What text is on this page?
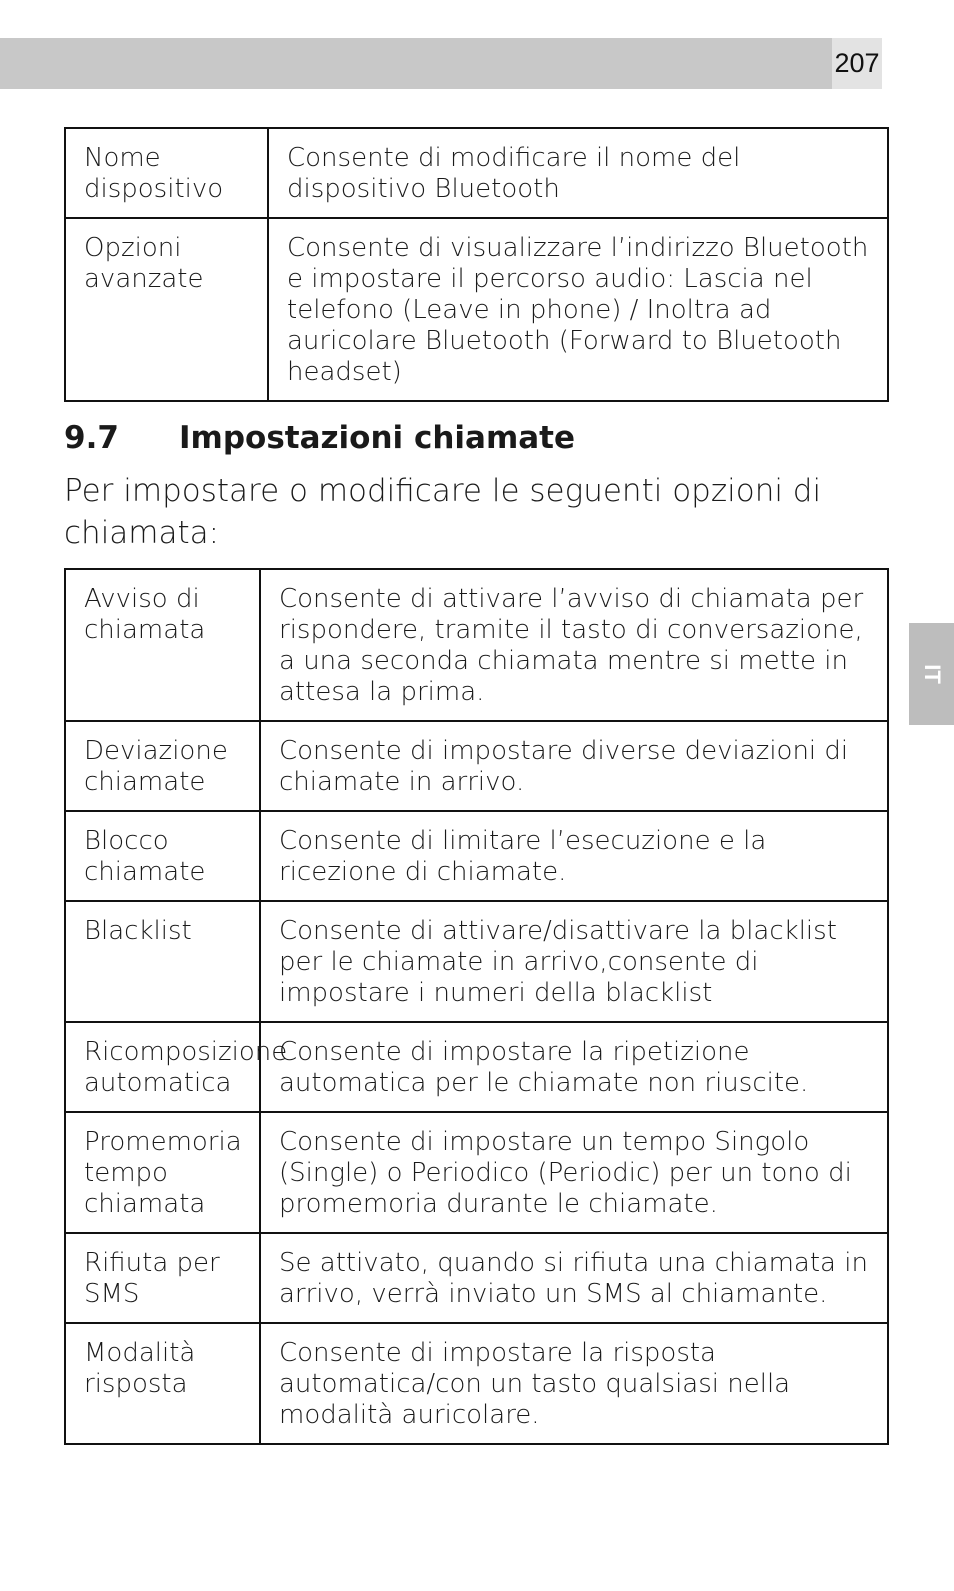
207
IT
Nome dispositivo	Consente di modificare il nome del dispositivo Bluetooth
Opzioni avanzate	Consente di visualizzare l’indirizzo Bluetooth e impostare il percorso audio: Lascia nel telefono (Leave in phone) / Inoltra ad auricolare Bluetooth (Forward to Bluetooth headset)
9.7 Impostazioni chiamate

Per impostare o modificare le seguenti opzioni di chiamata:

Avviso di chiamata	Consente di attivare l’avviso di chiamata per rispondere, tramite il tasto di conversazione, a una seconda chiamata mentre si mette in attesa la prima.
Deviazione chiamate	Consente di impostare diverse deviazioni di chiamate in arrivo.
Blocco chiamate	Consente di limitare l’esecuzione e la ricezione di chiamate.
Blacklist	Consente di attivare/disattivare la blacklist per le chiamate in arrivo,consente di impostare i numeri della blacklist
Ricomposizione automatica	Consente di impostare la ripetizione automatica per le chiamate non riuscite.
Promemoria tempo chiamata	Consente di impostare un tempo Singolo (Single) o Periodico (Periodic) per un tono di promemoria durante le chiamate.
Rifiuta per SMS	Se attivato, quando si rifiuta una chiamata in arrivo, verrà inviato un SMS al chiamante.
Modalità risposta	Consente di impostare la risposta automatica/con un tasto qualsiasi nella modalità auricolare.
